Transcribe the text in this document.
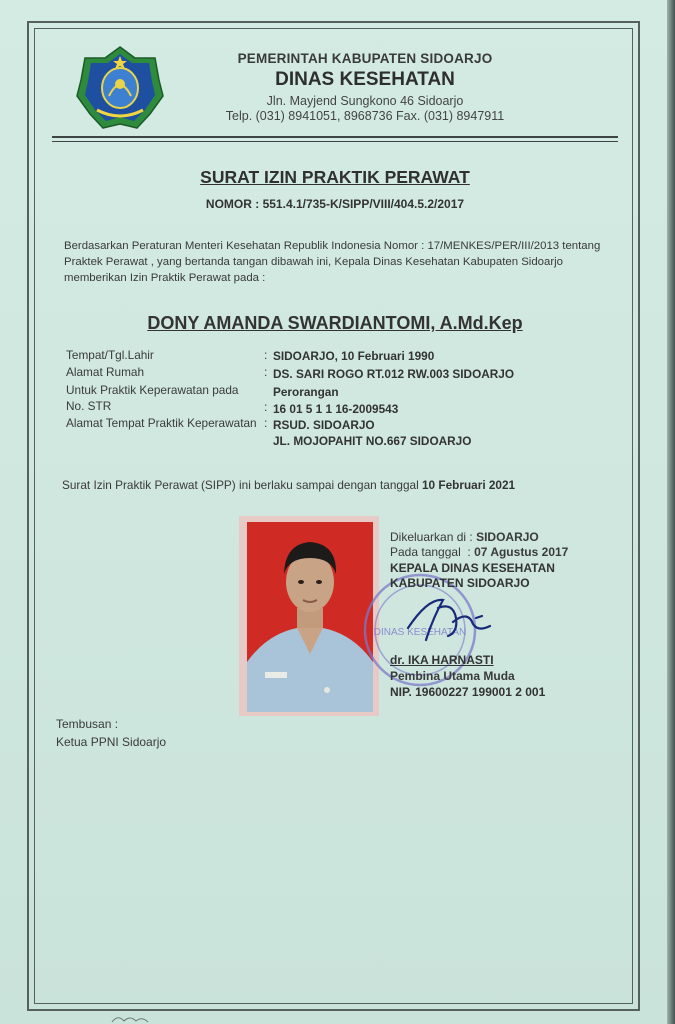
PEMERINTAH KABUPATEN SIDOARJO
DINAS KESEHATAN
Jln. Mayjend Sungkono 46 Sidoarjo
Telp. (031) 8941051, 8968736 Fax. (031) 8947911
SURAT IZIN PRAKTIK PERAWAT
NOMOR : 551.4.1/735-K/SIPP/VIII/404.5.2/2017
Berdasarkan Peraturan Menteri Kesehatan Republik Indonesia Nomor : 17/MENKES/PER/III/2013 tentang Praktek Perawat , yang bertanda tangan dibawah ini, Kepala Dinas Kesehatan Kabupaten Sidoarjo memberikan Izin Praktik Perawat pada :
DONY AMANDA SWARDIANTOMI, A.Md.Kep
Tempat/Tgl.Lahir	: SIDOARJO, 10 Februari 1990
Alamat Rumah	: DS. SARI ROGO RT.012 RW.003 SIDOARJO
Untuk Praktik Keperawatan pada	Perorangan
No. STR	: 16 01 5 1 1 16-2009543
Alamat Tempat Praktik Keperawatan : RSUD. SIDOARJO
JL. MOJOPAHIT NO.667 SIDOARJO
Surat Izin Praktik Perawat (SIPP) ini berlaku sampai dengan tanggal 10 Februari 2021
DINAS KESEHATAN
Dikeluarkan di : SIDOARJO
Pada tanggal  : 07 Agustus 2017
KEPALA DINAS KESEHATAN
KABUPATEN SIDOARJO
dr. IKA HARNASTI
Pembina Utama Muda
NIP. 19600227 199001 2 001
Tembusan :
Ketua PPNI Sidoarjo
